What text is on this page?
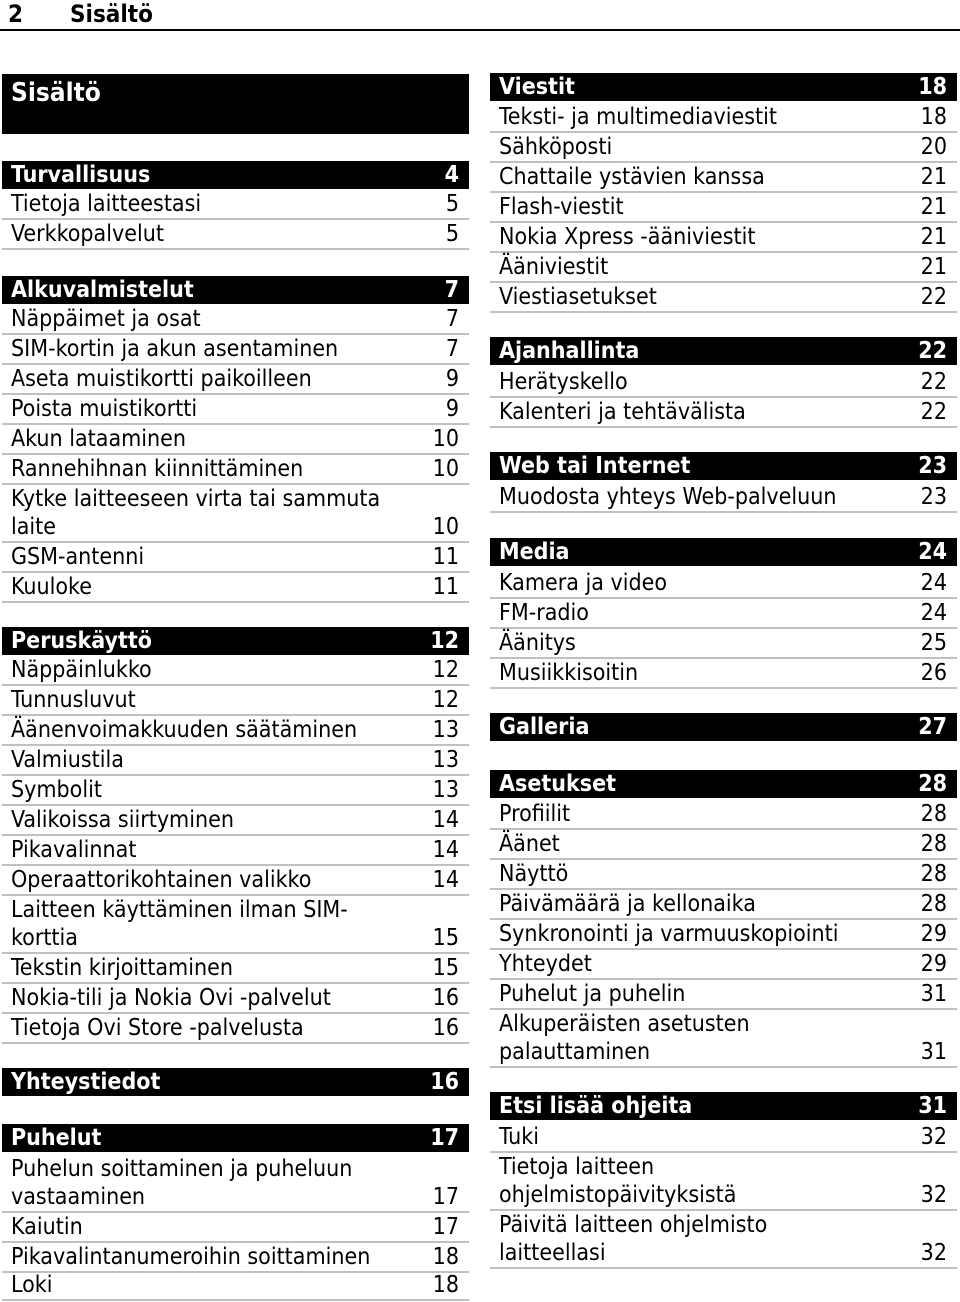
2 Sisältö
Sisältö
Turvallisuus	4
Tietoja laitteestasi	5
Verkkopalvelut	5
Alkuvalmistelut	7
Näppäimet ja osat	7
SIM-kortin ja akun asentaminen	7
Aseta muistikortti paikoilleen	9
Poista muistikortti	9
Akun lataaminen	10
Rannehihnan kiinnittäminen	10
Kytke laitteeseen virta tai sammuta
laite	10
GSM-antenni	11
Kuuloke	11
Peruskäyttö	12
Näppäinlukko	12
Tunnusluvut	12
Äänenvoimakkuuden säätäminen	13
Valmiustila	13
Symbolit	13
Valikoissa siirtyminen	14
Pikavalinnat	14
Operaattorikohtainen valikko	14
Laitteen käyttäminen ilman SIM-
korttia	15
Tekstin kirjoittaminen	15
Nokia-tili ja Nokia Ovi -palvelut	16
Tietoja Ovi Store -palvelusta	16
Yhteystiedot	16
Puhelut	17
Puhelun soittaminen ja puheluun
vastaaminen	17
Kaiutin	17
Pikavalintanumeroihin soittaminen	18
Loki	18
Viestit	18
Teksti- ja multimediaviestit	18
Sähköposti	20
Chattaile ystävien kanssa	21
Flash-viestit	21
Nokia Xpress -ääniviestit	21
Ääniviestit	21
Viestiasetukset	22
Ajanhallinta	22
Herätyskello	22
Kalenteri ja tehtävälista	22
Web tai Internet	23
Muodosta yhteys Web-palveluun	23
Media	24
Kamera ja video	24
FM-radio	24
Äänitys	25
Musiikkisoitin	26
Galleria	27
Asetukset	28
Profiilit	28
Äänet	28
Näyttö	28
Päivämäärä ja kellonaika	28
Synkronointi ja varmuuskopiointi	29
Yhteydet	29
Puhelut ja puhelin	31
Alkuperäisten asetusten
palauttaminen	31
Etsi lisää ohjeita	31
Tuki	32
Tietoja laitteen
ohjelmistopäivityksistä	32
Päivitä laitteen ohjelmisto
laitteellasi	32
